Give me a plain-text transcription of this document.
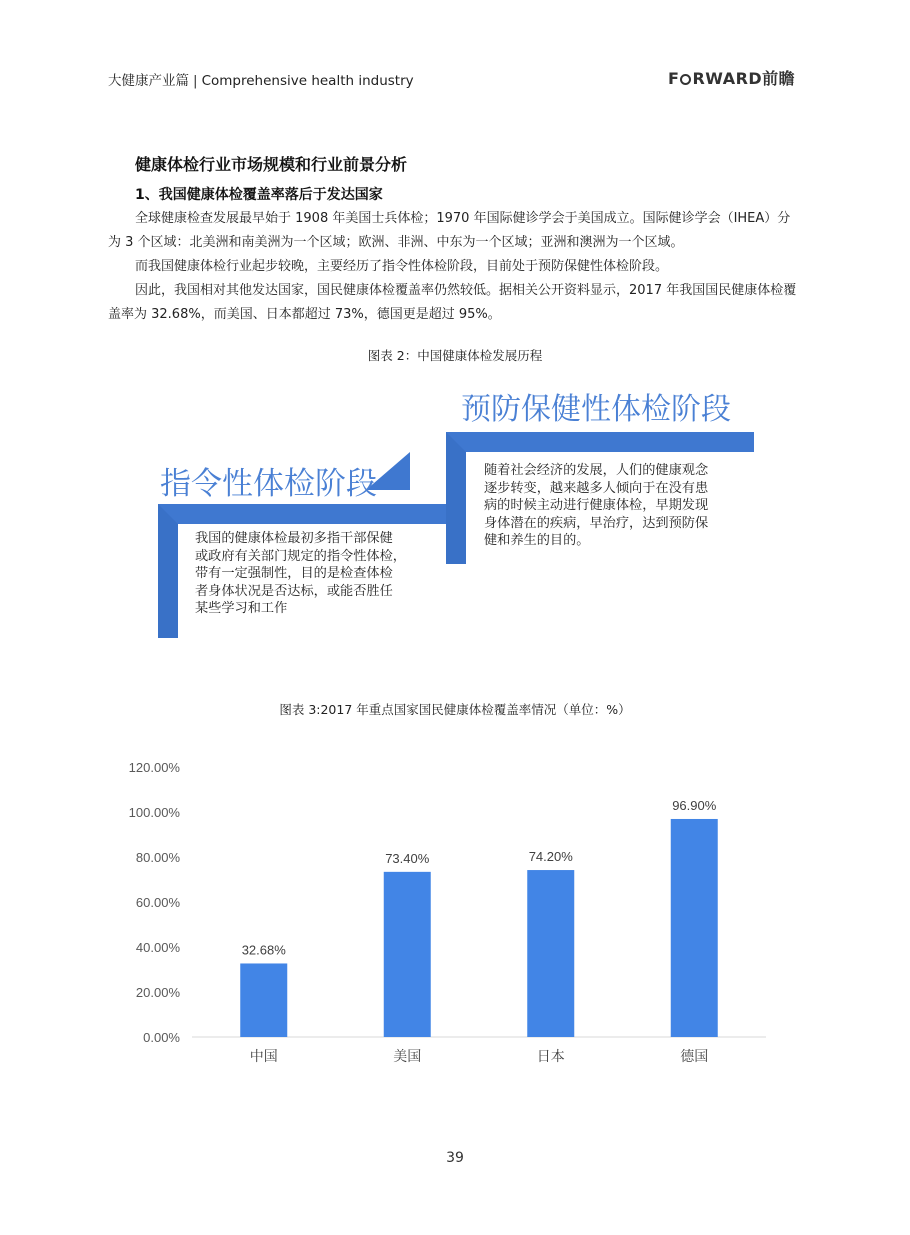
大健康产业篇 | Comprehensive health industry	F RWARD前瞻
健康体检行业市场规模和行业前景分析
1、我国健康体检覆盖率落后于发达国家

全球健康检查发展最早始于 1908 年美国士兵体检；1970 年国际健诊学会于美国成立。国际健诊学会（IHEA）分为 3 个区域：北美洲和南美洲为一个区域；欧洲、非洲、中东为一个区域；亚洲和澳洲为一个区域。

而我国健康体检行业起步较晚，主要经历了指令性体检阶段，目前处于预防保健性体检阶段。

因此，我国相对其他发达国家，国民健康体检覆盖率仍然较低。据相关公开资料显示，2017 年我国国民健康体检覆盖率为 32.68%，而美国、日本都超过 73%，德国更是超过 95%。

图表 2：中国健康体检发展历程
指令性体检阶段
预防保健性体检阶段

我国的健康体检最初多指干部保健
或政府有关部门规定的指令性体检，
带有一定强制性，目的是检查体检
者身体状况是否达标，或能否胜任
某些学习和工作

随着社会经济的发展，人们的健康观念
逐步转变，越来越多人倾向于在没有患
病的时候主动进行健康体检，早期发现
身体潜在的疾病，早治疗，达到预防保
健和养生的目的。

图表 3:2017 年重点国家国民健康体检覆盖率情况（单位：%）
0.00%
20.00%
40.00%
60.00%
80.00%
100.00%
120.00%
32.68%
中国
73.40%
美国
74.20%
日本
96.90%
德国
39
